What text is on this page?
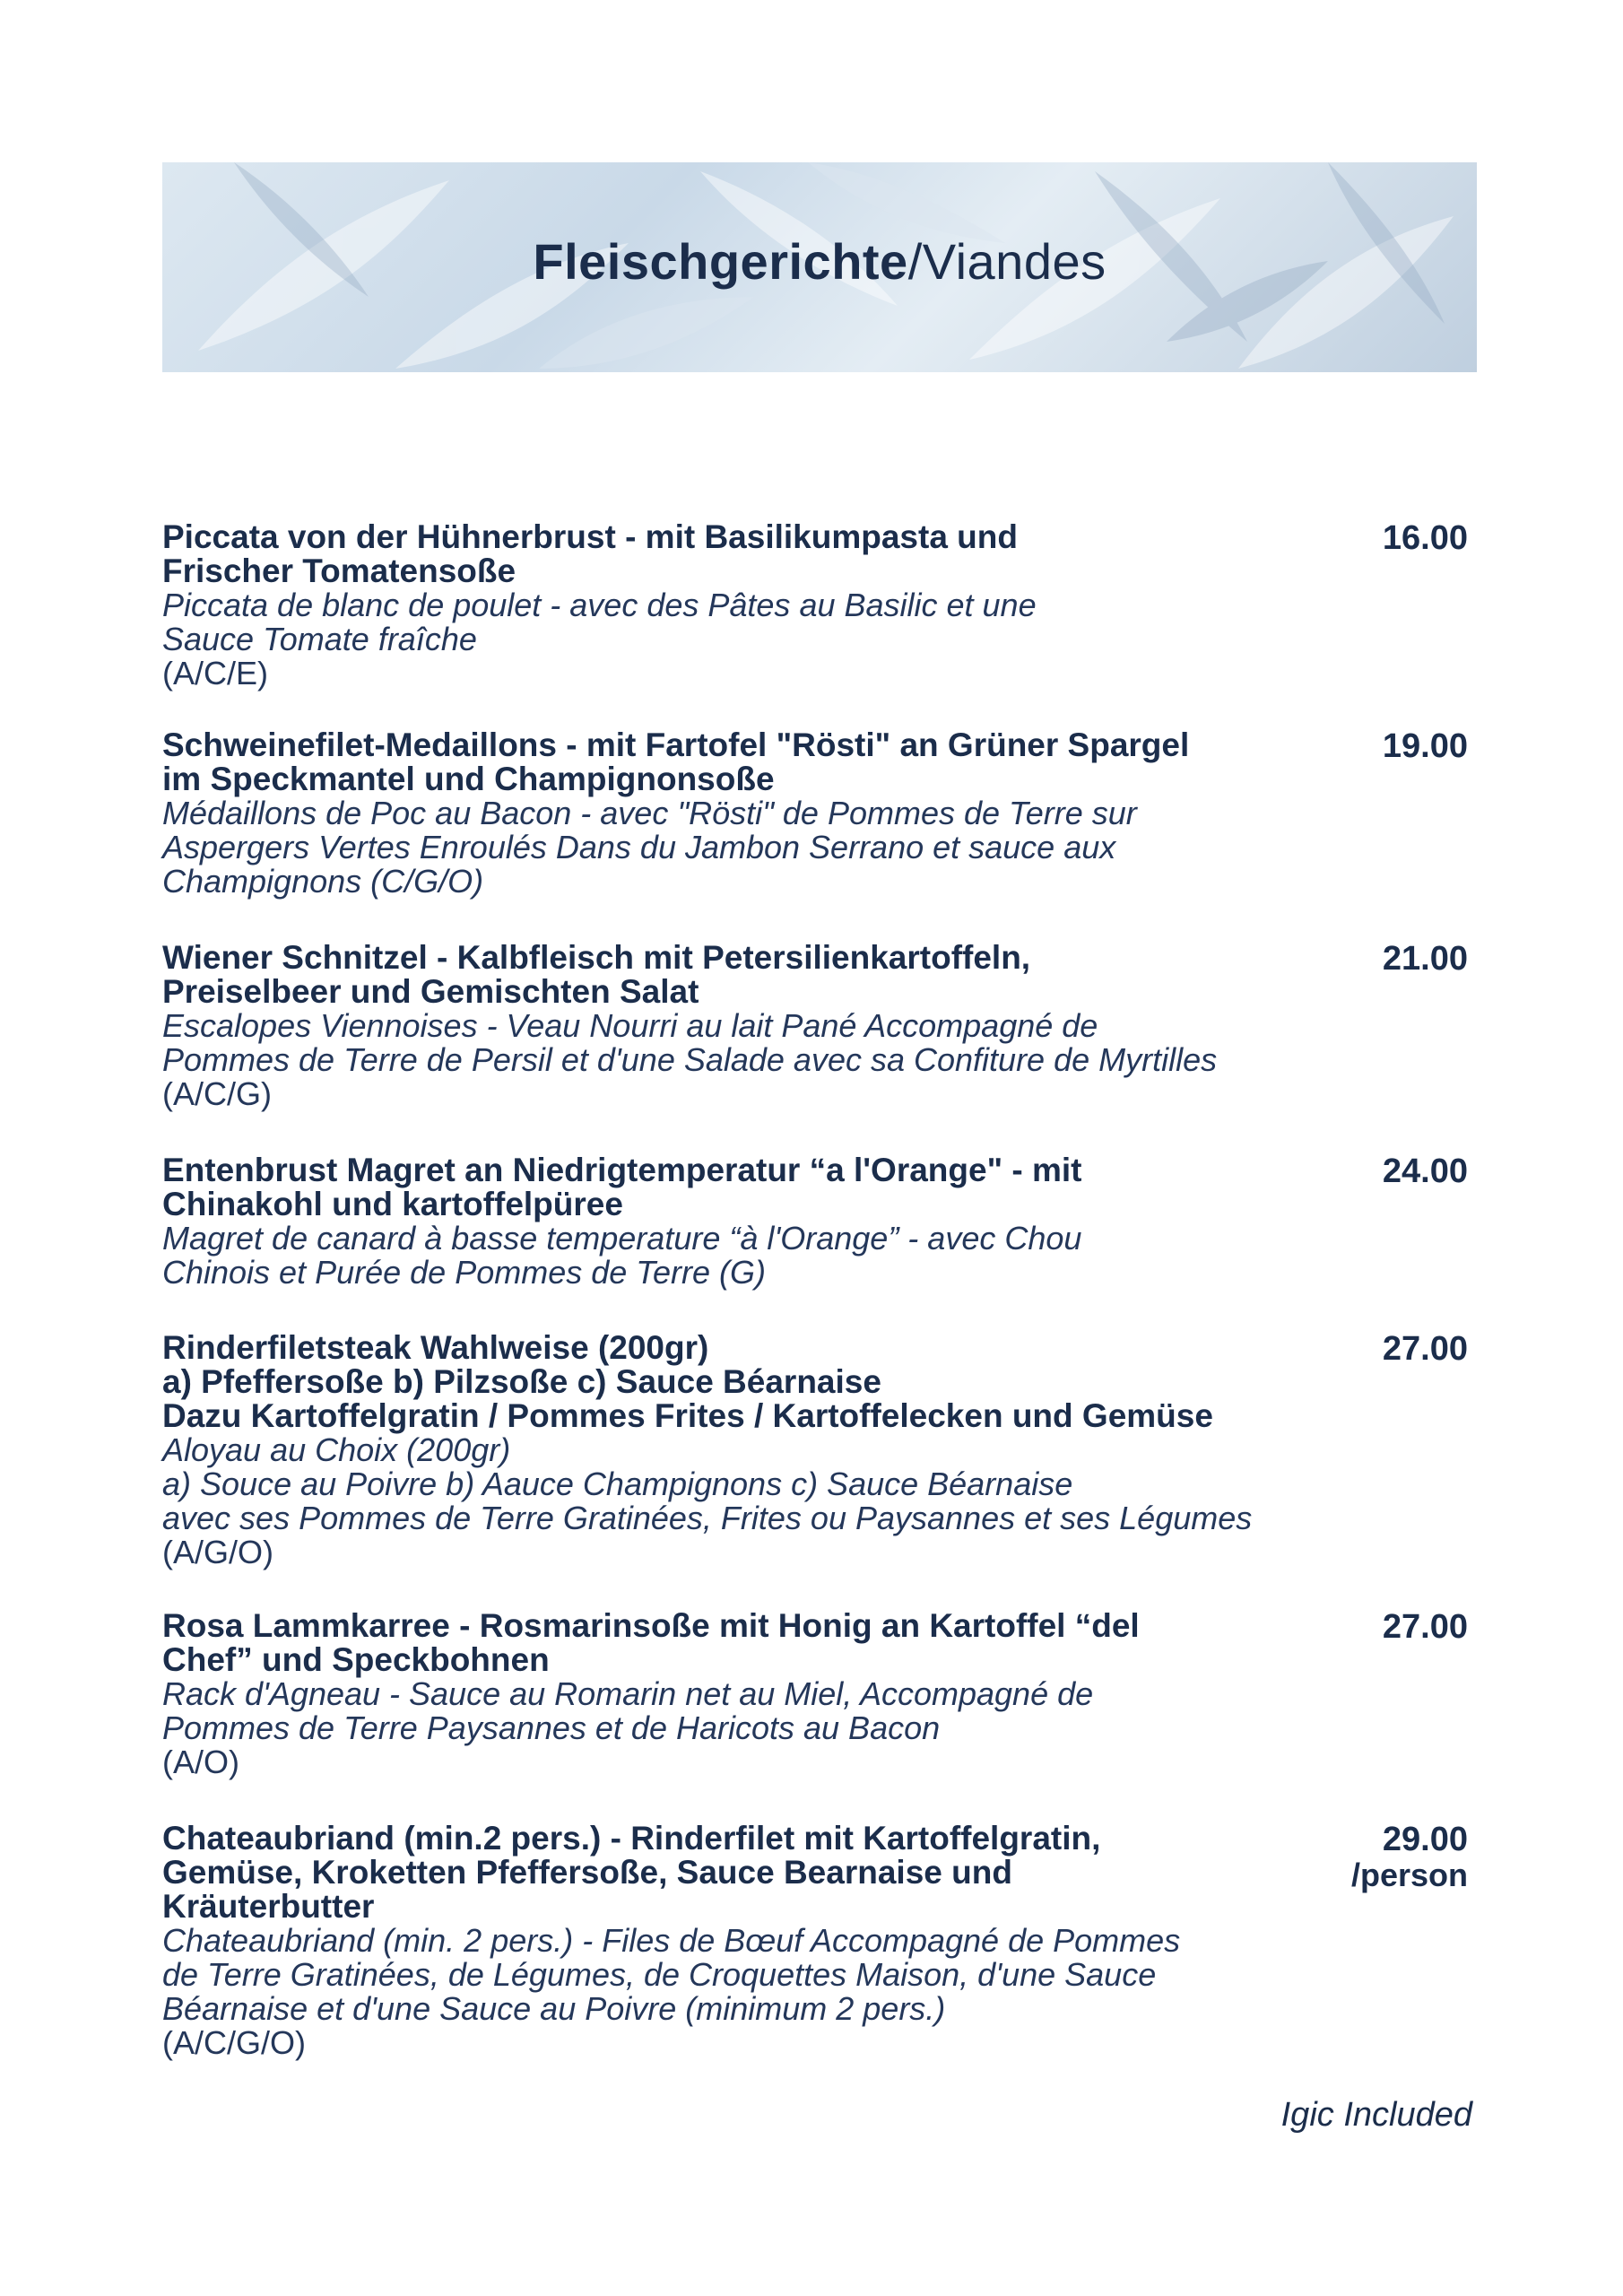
Fleischgerichte/Viandes
Piccata von der Hühnerbrust - mit Basilikumpasta und
Frischer Tomatensoße
Piccata de blanc de poulet - avec des Pâtes au Basilic et une
Sauce Tomate fraîche
(A/C/E)
16.00
Schweinefilet-Medaillons - mit Fartofel "Rösti" an Grüner Spargel
im Speckmantel und Champignonsoße
Médaillons de Poc au Bacon - avec "Rösti" de Pommes de Terre sur
Aspergers Vertes Enroulés Dans du Jambon Serrano et sauce aux
Champignons (C/G/O)
19.00
Wiener Schnitzel - Kalbfleisch mit Petersilienkartoffeln,
Preiselbeer und Gemischten Salat
Escalopes Viennoises - Veau Nourri au lait Pané Accompagné de
Pommes de Terre de Persil et d'une Salade avec sa Confiture de Myrtilles
(A/C/G)
21.00
Entenbrust Magret an Niedrigtemperatur “a l'Orange" - mit
Chinakohl und kartoffelpüree
Magret de canard à basse temperature “à l'Orange” - avec Chou
Chinois et Purée de Pommes de Terre (G)
24.00
Rinderfiletsteak Wahlweise (200gr)
a) Pfeffersoße b) Pilzsoße c) Sauce Béarnaise
Dazu Kartoffelgratin / Pommes Frites / Kartoffelecken und Gemüse
Aloyau au Choix (200gr)
a) Souce au Poivre b) Aauce Champignons c) Sauce Béarnaise
avec ses Pommes de Terre Gratinées, Frites ou Paysannes et ses Légumes
(A/G/O)
27.00
Rosa Lammkarree - Rosmarinsoße mit Honig an Kartoffel “del
Chef” und Speckbohnen
Rack d'Agneau - Sauce au Romarin net au Miel, Accompagné de
Pommes de Terre Paysannes et de Haricots au Bacon
(A/O)
27.00
Chateaubriand (min.2 pers.) - Rinderfilet mit Kartoffelgratin,
Gemüse, Kroketten Pfeffersoße, Sauce Bearnaise und
Kräuterbutter
Chateaubriand (min. 2 pers.) - Files de Bœuf Accompagné de Pommes
de Terre Gratinées, de Légumes, de Croquettes Maison, d'une Sauce
Béarnaise et d'une Sauce au Poivre (minimum 2 pers.)
(A/C/G/O)
29.00
/person
Igic Included
